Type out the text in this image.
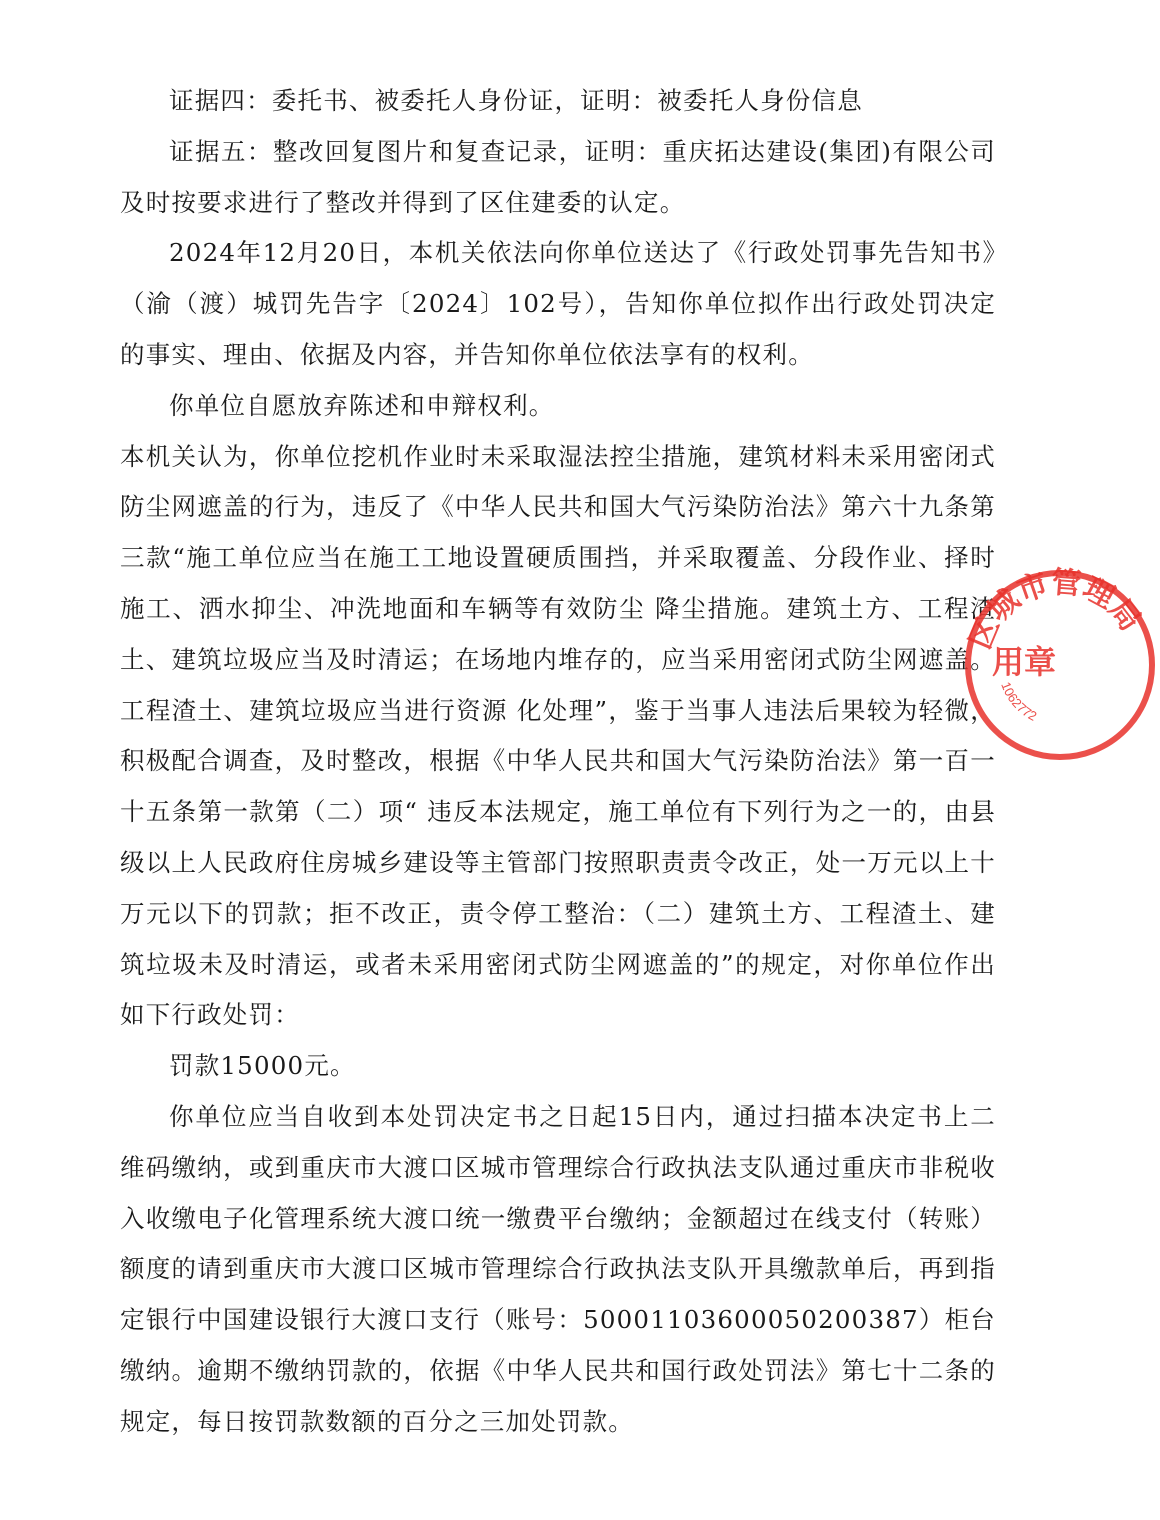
证据四：委托书、被委托人身份证，证明：被委托人身份信息

证据五：整改回复图片和复查记录，证明：重庆拓达建设(集团)有限公司及时按要求进行了整改并得到了区住建委的认定。

2024年12月20日，本机关依法向你单位送达了《行政处罚事先告知书》（渝（渡）城罚先告字〔2024〕102号），告知你单位拟作出行政处罚决定的事实、理由、依据及内容，并告知你单位依法享有的权利。

你单位自愿放弃陈述和申辩权利。

本机关认为，你单位挖机作业时未采取湿法控尘措施，建筑材料未采用密闭式防尘网遮盖的行为，违反了《中华人民共和国大气污染防治法》第六十九条第三款“施工单位应当在施工工地设置硬质围挡，并采取覆盖、分段作业、择时施工、洒水抑尘、冲洗地面和车辆等有效防尘 降尘措施。建筑土方、工程渣土、建筑垃圾应当及时清运；在场地内堆存的，应当采用密闭式防尘网遮盖。工程渣土、建筑垃圾应当进行资源 化处理”，鉴于当事人违法后果较为轻微，积极配合调查，及时整改，根据《中华人民共和国大气污染防治法》第一百一十五条第一款第（二）项“ 违反本法规定，施工单位有下列行为之一的，由县级以上人民政府住房城乡建设等主管部门按照职责责令改正，处一万元以上十万元以下的罚款；拒不改正，责令停工整治：（二）建筑土方、工程渣土、建筑垃圾未及时清运，或者未采用密闭式防尘网遮盖的”的规定，对你单位作出如下行政处罚：

罚款15000元。

你单位应当自收到本处罚决定书之日起15日内，通过扫描本决定书上二维码缴纳，或到重庆市大渡口区城市管理综合行政执法支队通过重庆市非税收入收缴电子化管理系统大渡口统一缴费平台缴纳；金额超过在线支付（转账）额度的请到重庆市大渡口区城市管理综合行政执法支队开具缴款单后，再到指定银行中国建设银行大渡口支行（账号：50001103600050200387）柜台缴纳。逾期不缴纳罚款的，依据《中华人民共和国行政处罚法》第七十二条的规定，每日按罚款数额的百分之三加处罚款。

区城市管理局
用章
1062772
